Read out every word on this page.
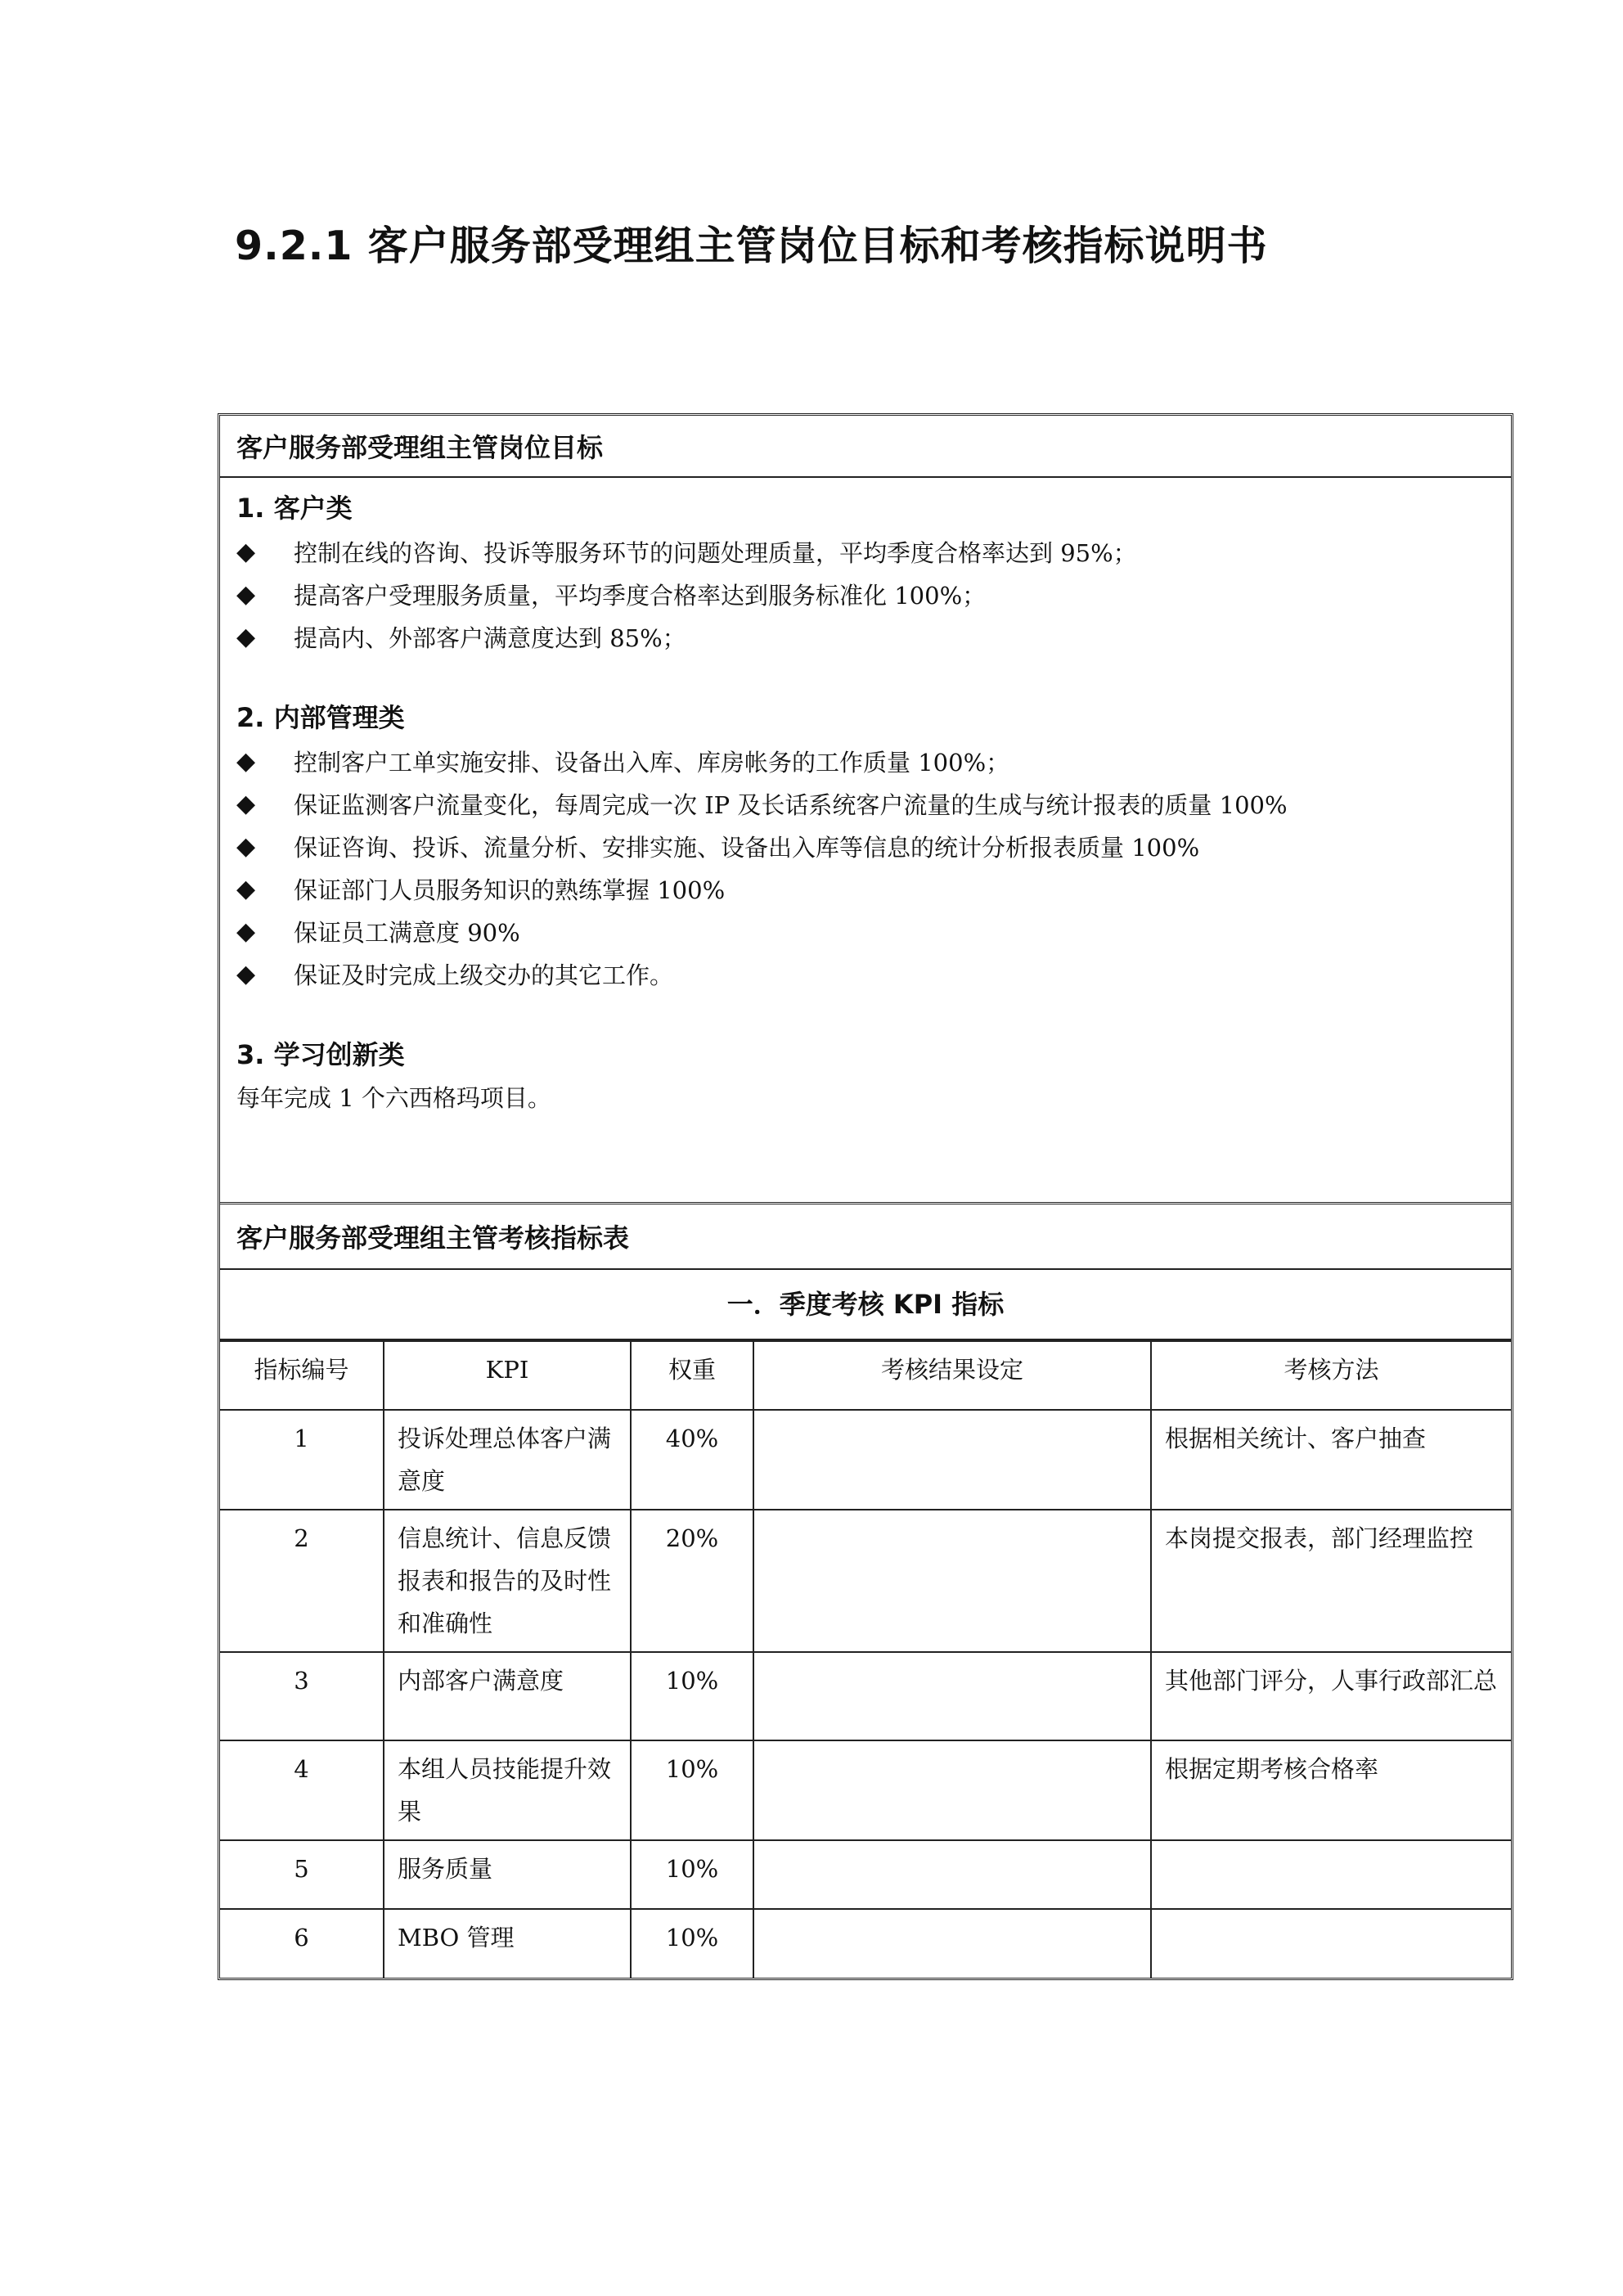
9.2.1 客户服务部受理组主管岗位目标和考核指标说明书
客户服务部受理组主管岗位目标
1. 客户类
◆	控制在线的咨询、投诉等服务环节的问题处理质量，平均季度合格率达到 95%；
◆	提高客户受理服务质量，平均季度合格率达到服务标准化 100%；
◆	提高内、外部客户满意度达到 85%；
2. 内部管理类
◆	控制客户工单实施安排、设备出入库、库房帐务的工作质量 100%；
◆	保证监测客户流量变化，每周完成一次 IP 及长话系统客户流量的生成与统计报表的质量 100%
◆	保证咨询、投诉、流量分析、安排实施、设备出入库等信息的统计分析报表质量 100%
◆	保证部门人员服务知识的熟练掌握 100%
◆	保证员工满意度 90%
◆	保证及时完成上级交办的其它工作。
3. 学习创新类
每年完成 1 个六西格玛项目。
客户服务部受理组主管考核指标表
一．季度考核 KPI 指标
指标编号	KPI	权重	考核结果设定	考核方法
1	投诉处理总体客户满意度	40%		根据相关统计、客户抽查
2	信息统计、信息反馈报表和报告的及时性和准确性	20%		本岗提交报表，部门经理监控
3	内部客户满意度	10%		其他部门评分，人事行政部汇总
4	本组人员技能提升效果	10%		根据定期考核合格率
5	服务质量	10%		
6	MBO 管理	10%		
